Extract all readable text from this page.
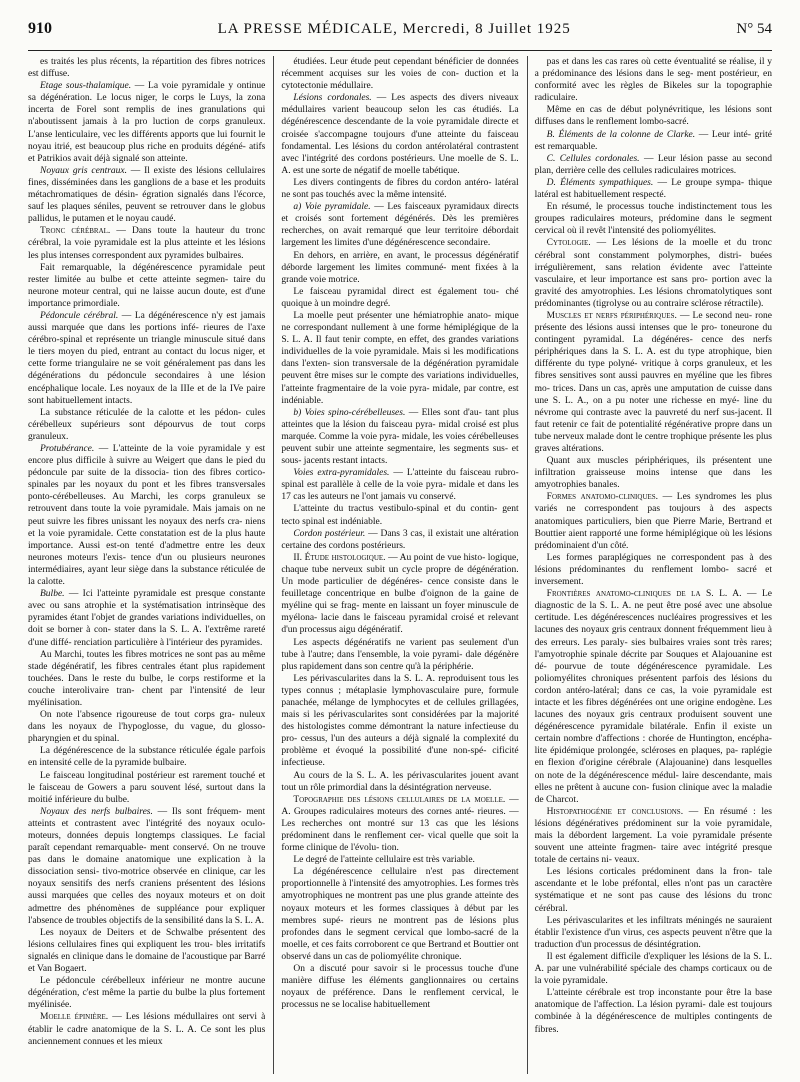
910	LA PRESSE MÉDICALE, Mercredi, 8 Juillet 1925	N° 54

es traités les plus récents, la répartition des fibres notrices est diffuse.

Etage sous-thalamique. — La voie pyramidale y ontinue sa dégénération. Le locus niger, le corps le Luys, la zona incerta de Forel sont remplis de ines granulations qui n'aboutissent jamais à la pro luction de corps granuleux. L'anse lenticulaire, vec les différents apports que lui fournit le noyau itrié, est beaucoup plus riche en produits dégéné- atifs et Patrikios avait déjà signalé son atteinte.

Noyaux gris centraux. — Il existe des lésions cellulaires fines, disséminées dans les ganglions de a base et les produits métachromatiques de désin- égration signalés dans l'écorce, sauf les plaques séniles, peuvent se retrouver dans le globus pallidus, le putamen et le noyau caudé.

Tronc cérébral. — Dans toute la hauteur du tronc cérébral, la voie pyramidale est la plus atteinte et les lésions les plus intenses correspondent aux pyramides bulbaires.

Fait remarquable, la dégénérescence pyramidale peut rester limitée au bulbe et cette atteinte segmen- taire du neurone moteur central, qui ne laisse aucun doute, est d'une importance primordiale.

Pédoncule cérébral. — La dégénérescence n'y est jamais aussi marquée que dans les portions infé- rieures de l'axe cérébro-spinal et représente un triangle minuscule situé dans le tiers moyen du pied, entrant au contact du locus niger, et cette forme triangulaire ne se voit généralement pas dans les dégénérations du pédoncule secondaires à une lésion encéphalique locale. Les noyaux de la IIIe et de la IVe paire sont habituellement intacts.

La substance réticulée de la calotte et les pédon- cules cérébelleux supérieurs sont dépourvus de tout corps granuleux.

Protubérance. — L'atteinte de la voie pyramidale y est encore plus difficile à suivre au Weigert que dans le pied du pédoncule par suite de la dissocia- tion des fibres cortico-spinales par les noyaux du pont et les fibres transversales ponto-cérébelleuses. Au Marchi, les corps granuleux se retrouvent dans toute la voie pyramidale. Mais jamais on ne peut suivre les fibres unissant les noyaux des nerfs cra- niens et la voie pyramidale. Cette constatation est de la plus haute importance. Aussi est-on tenté d'admettre entre les deux neurones moteurs l'exis- tence d'un ou plusieurs neurones intermédiaires, ayant leur siège dans la substance réticulée de la calotte.

Bulbe. — Ici l'atteinte pyramidale est presque constante avec ou sans atrophie et la systématisation intrinsèque des pyramides étant l'objet de grandes variations individuelles, on doit se borner à con- stater dans la S. L. A. l'extrême rareté d'une diffé- renciation particulière à l'intérieur des pyramides.

Au Marchi, toutes les fibres motrices ne sont pas au même stade dégénératif, les fibres centrales étant plus rapidement touchées. Dans le reste du bulbe, le corps restiforme et la couche interolivaire tran- chent par l'intensité de leur myélinisation.

On note l'absence rigoureuse de tout corps gra- nuleux dans les noyaux de l'hypoglosse, du vague, du glosso-pharyngien et du spinal.

La dégénérescence de la substance réticulée égale parfois en intensité celle de la pyramide bulbaire.

Le faisceau longitudinal postérieur est rarement touché et le faisceau de Gowers a paru souvent lésé, surtout dans la moitié inférieure du bulbe.

Noyaux des nerfs bulbaires. — Ils sont fréquem- ment atteints et contrastent avec l'intégrité des noyaux oculo-moteurs, données depuis longtemps classiques. Le facial paraît cependant remarquable- ment conservé. On ne trouve pas dans le domaine anatomique une explication à la dissociation sensi- tivo-motrice observée en clinique, car les noyaux sensitifs des nerfs craniens présentent des lésions aussi marquées que celles des noyaux moteurs et on doit admettre des phénomènes de suppléance pour expliquer l'absence de troubles objectifs de la sensibilité dans la S. L. A.

Les noyaux de Deiters et de Schwalbe présentent des lésions cellulaires fines qui expliquent les trou- bles irritatifs signalés en clinique dans le domaine de l'acoustique par Barré et Van Bogaert.

Le pédoncule cérébelleux inférieur ne montre aucune dégénération, c'est même la partie du bulbe la plus fortement myélinisée.

Moelle épinière. — Les lésions médullaires ont servi à établir le cadre anatomique de la S. L. A. Ce sont les plus anciennement connues et les mieux

étudiées. Leur étude peut cependant bénéficier de données récemment acquises sur les voies de con- duction et la cytotectonie médullaire.

Lésions cordonales. — Les aspects des divers niveaux médullaires varient beaucoup selon les cas étudiés. La dégénérescence descendante de la voie pyramidale directe et croisée s'accompagne toujours d'une atteinte du faisceau fondamental. Les lésions du cordon antérolatéral contrastent avec l'intégrité des cordons postérieurs. Une moelle de S. L. A. est une sorte de négatif de moelle tabétique.

Les divers contingents de fibres du cordon antéro- latéral ne sont pas touchés avec la même intensité.

a) Voie pyramidale. — Les faisceaux pyramidaux directs et croisés sont fortement dégénérés. Dès les premières recherches, on avait remarqué que leur territoire débordait largement les limites d'une dégénérescence secondaire.

En dehors, en arrière, en avant, le processus dégénératif déborde largement les limites communé- ment fixées à la grande voie motrice.

Le faisceau pyramidal direct est également tou- ché quoique à un moindre degré.

La moelle peut présenter une hémiatrophie anato- mique ne correspondant nullement à une forme hémiplégique de la S. L. A. Il faut tenir compte, en effet, des grandes variations individuelles de la voie pyramidale. Mais si les modifications dans l'exten- sion transversale de la dégénération pyramidale peuvent être mises sur le compte des variations individuelles, l'atteinte fragmentaire de la voie pyra- midale, par contre, est indéniable.

b) Voies spino-cérébelleuses. — Elles sont d'au- tant plus atteintes que la lésion du faisceau pyra- midal croisé est plus marquée. Comme la voie pyra- midale, les voies cérébelleuses peuvent subir une atteinte segmentaire, les segments sus- et sous- jacents restant intacts.

Voies extra-pyramidales. — L'atteinte du faisceau rubro-spinal est parallèle à celle de la voie pyra- midale et dans les 17 cas les auteurs ne l'ont jamais vu conservé.

L'atteinte du tractus vestibulo-spinal et du contin- gent tecto spinal est indéniable.

Cordon postérieur. — Dans 3 cas, il existait une altération certaine des cordons postérieurs.

II. Étude histologique. — Au point de vue histo- logique, chaque tube nerveux subit un cycle propre de dégénération. Un mode particulier de dégénéres- cence consiste dans le feuilletage concentrique en bulbe d'oignon de la gaine de myéline qui se frag- mente en laissant un foyer minuscule de myélona- lacie dans le faisceau pyramidal croisé et relevant d'un processus aigu dégénératif.

Les aspects dégénératifs ne varient pas seulement d'un tube à l'autre; dans l'ensemble, la voie pyrami- dale dégénère plus rapidement dans son centre qu'à la périphérie.

Les périvascularites dans la S. L. A. reproduisent tous les types connus ; métaplasie lymphovasculaire pure, formule panachée, mélange de lymphocytes et de cellules grillagées, mais si les périvascularites sont considérées par la majorité des histologistes comme démontrant la nature infectieuse du pro- cessus, l'un des auteurs a déjà signalé la complexité du problème et évoqué la possibilité d'une non-spé- cificité infectieuse.

Au cours de la S. L. A. les périvascularites jouent avant tout un rôle primordial dans la désintégration nerveuse.

Topographie des lésions cellulaires de la moelle. — A. Groupes radiculaires moteurs des cornes anté- rieures. — Les recherches ont montré sur 13 cas que les lésions prédominent dans le renflement cer- vical quelle que soit la forme clinique de l'évolu- tion.

Le degré de l'atteinte cellulaire est très variable.

La dégénérescence cellulaire n'est pas directement proportionnelle à l'intensité des amyotrophies. Les formes très amyotrophiques ne montrent pas une plus grande atteinte des noyaux moteurs et les formes classiques à début par les membres supé- rieurs ne montrent pas de lésions plus profondes dans le segment cervical que lombo-sacré de la moelle, et ces faits corroborent ce que Bertrand et Bouttier ont observé dans un cas de poliomyélite chronique.

On a discuté pour savoir si le processus touche d'une manière diffuse les éléments ganglionnaires ou certains noyaux de préférence. Dans le renflement cervical, le processus ne se localise habituellement

pas et dans les cas rares où cette éventualité se réalise, il y a prédominance des lésions dans le seg- ment postérieur, en conformité avec les règles de Bikeles sur la topographie radiculaire.

Même en cas de début polynévritique, les lésions sont diffuses dans le renflement lombo-sacré.

B. Éléments de la colonne de Clarke. — Leur inté- grité est remarquable.

C. Cellules cordonales. — Leur lésion passe au second plan, derrière celle des cellules radiculaires motrices.

D. Éléments sympathiques. — Le groupe sympa- thique latéral est habituellement respecté.

En résumé, le processus touche indistinctement tous les groupes radiculaires moteurs, prédomine dans le segment cervical où il revêt l'intensité des poliomyélites.

Cytologie. — Les lésions de la moelle et du tronc cérébral sont constamment polymorphes, distri- buées irrégulièrement, sans relation évidente avec l'atteinte vasculaire, et leur importance est sans pro- portion avec la gravité des amyotrophies. Les lésions chromatolytiques sont prédominantes (tigrolyse ou au contraire sclérose rétractile).

Muscles et nerfs périphériques. — Le second neu- rone présente des lésions aussi intenses que le pro- toneurone du contingent pyramidal. La dégénéres- cence des nerfs périphériques dans la S. L. A. est du type atrophique, bien différente du type polyné- vritique à corps granuleux, et les fibres sensitives sont aussi pauvres en myéline que les fibres mo- trices. Dans un cas, après une amputation de cuisse dans une S. L. A., on a pu noter une richesse en myé- line du névrome qui contraste avec la pauvreté du nerf sus-jacent. Il faut retenir ce fait de potentialité régénérative propre dans un tube nerveux malade dont le centre trophique présente les plus graves altérations.

Quant aux muscles périphériques, ils présentent une infiltration graisseuse moins intense que dans les amyotrophies banales.

Formes anatomo-cliniques. — Les syndromes les plus variés ne correspondent pas toujours à des aspects anatomiques particuliers, bien que Pierre Marie, Bertrand et Bouttier aient rapporté une forme hémiplégique où les lésions prédominaient d'un côté.

Les formes paraplégiques ne correspondent pas à des lésions prédominantes du renflement lombo- sacré et inversement.

Frontières anatomo-cliniques de la S. L. A. — Le diagnostic de la S. L. A. ne peut être posé avec une absolue certitude. Les dégénérescences nucléaires progressives et les lacunes des noyaux gris centraux donnent fréquemment lieu à des erreurs. Les paraly- sies bulbaires vraies sont très rares; l'amyotrophie spinale décrite par Souques et Alajouanine est dé- pourvue de toute dégénérescence pyramidale. Les poliomyélites chroniques présentent parfois des lésions du cordon antéro-latéral; dans ce cas, la voie pyramidale est intacte et les fibres dégénérées ont une origine endogène. Les lacunes des noyaux gris centraux produisent souvent une dégénérescence pyramidale bilatérale. Enfin il existe un certain nombre d'affections : chorée de Huntington, encépha- lite épidémique prolongée, scléroses en plaques, pa- raplégie en flexion d'origine cérébrale (Alajouanine) dans lesquelles on note de la dégénérescence médul- laire descendante, mais elles ne prêtent à aucune con- fusion clinique avec la maladie de Charcot.

Histopathogénie et conclusions. — En résumé : les lésions dégénératives prédominent sur la voie pyramidale, mais la débordent largement. La voie pyramidale présente souvent une atteinte fragmen- taire avec intégrité presque totale de certains ni- veaux.

Les lésions corticales prédominent dans la fron- tale ascendante et le lobe préfontal, elles n'ont pas un caractère systématique et ne sont pas cause des lésions du tronc cérébral.

Les périvascularites et les infiltrats méningés ne sauraient établir l'existence d'un virus, ces aspects peuvent n'être que la traduction d'un processus de désintégration.

Il est également difficile d'expliquer les lésions de la S. L. A. par une vulnérabilité spéciale des champs corticaux ou de la voie pyramidale.

L'atteinte cérébrale est trop inconstante pour être la base anatomique de l'affection. La lésion pyrami- dale est toujours combinée à la dégénérescence de multiples contingents de fibres.
